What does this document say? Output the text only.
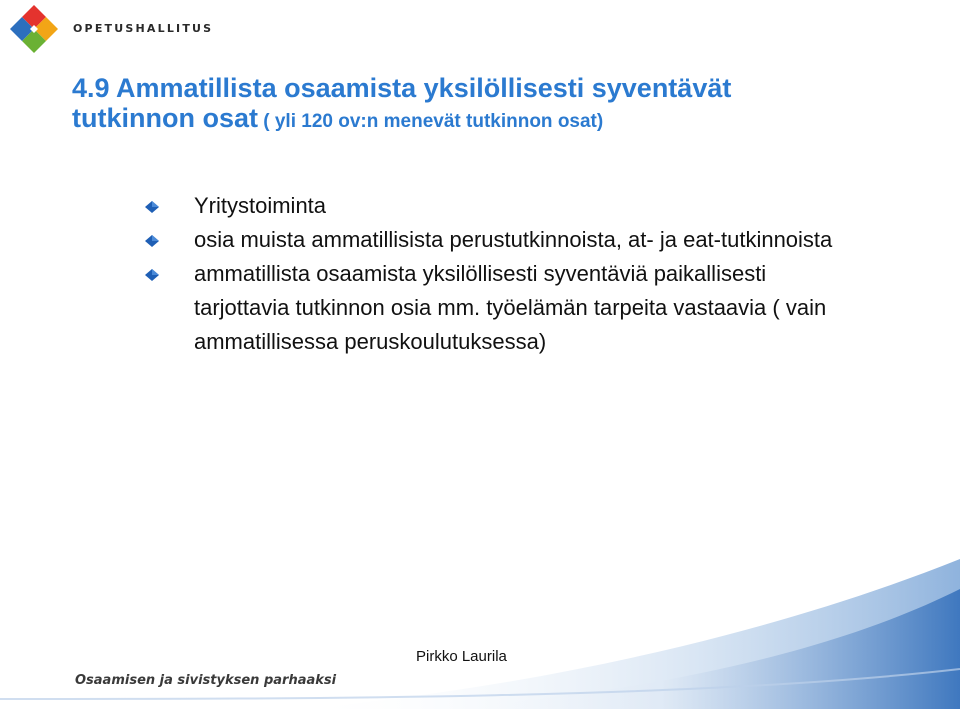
OPETUSHALLITUS
4.9 Ammatillista osaamista yksilöllisesti syventävät
tutkinnon osat ( yli 120 ov:n menevät tutkinnon osat)
Yritystoiminta
osia muista ammatillisista perustutkinnoista, at- ja eat-tutkinnoista
ammatillista osaamista yksilöllisesti syventäviä paikallisesti tarjottavia tutkinnon osia mm. työelämän tarpeita vastaavia ( vain ammatillisessa peruskoulutuksessa)
Pirkko Laurila
Osaamisen ja sivistyksen parhaaksi
